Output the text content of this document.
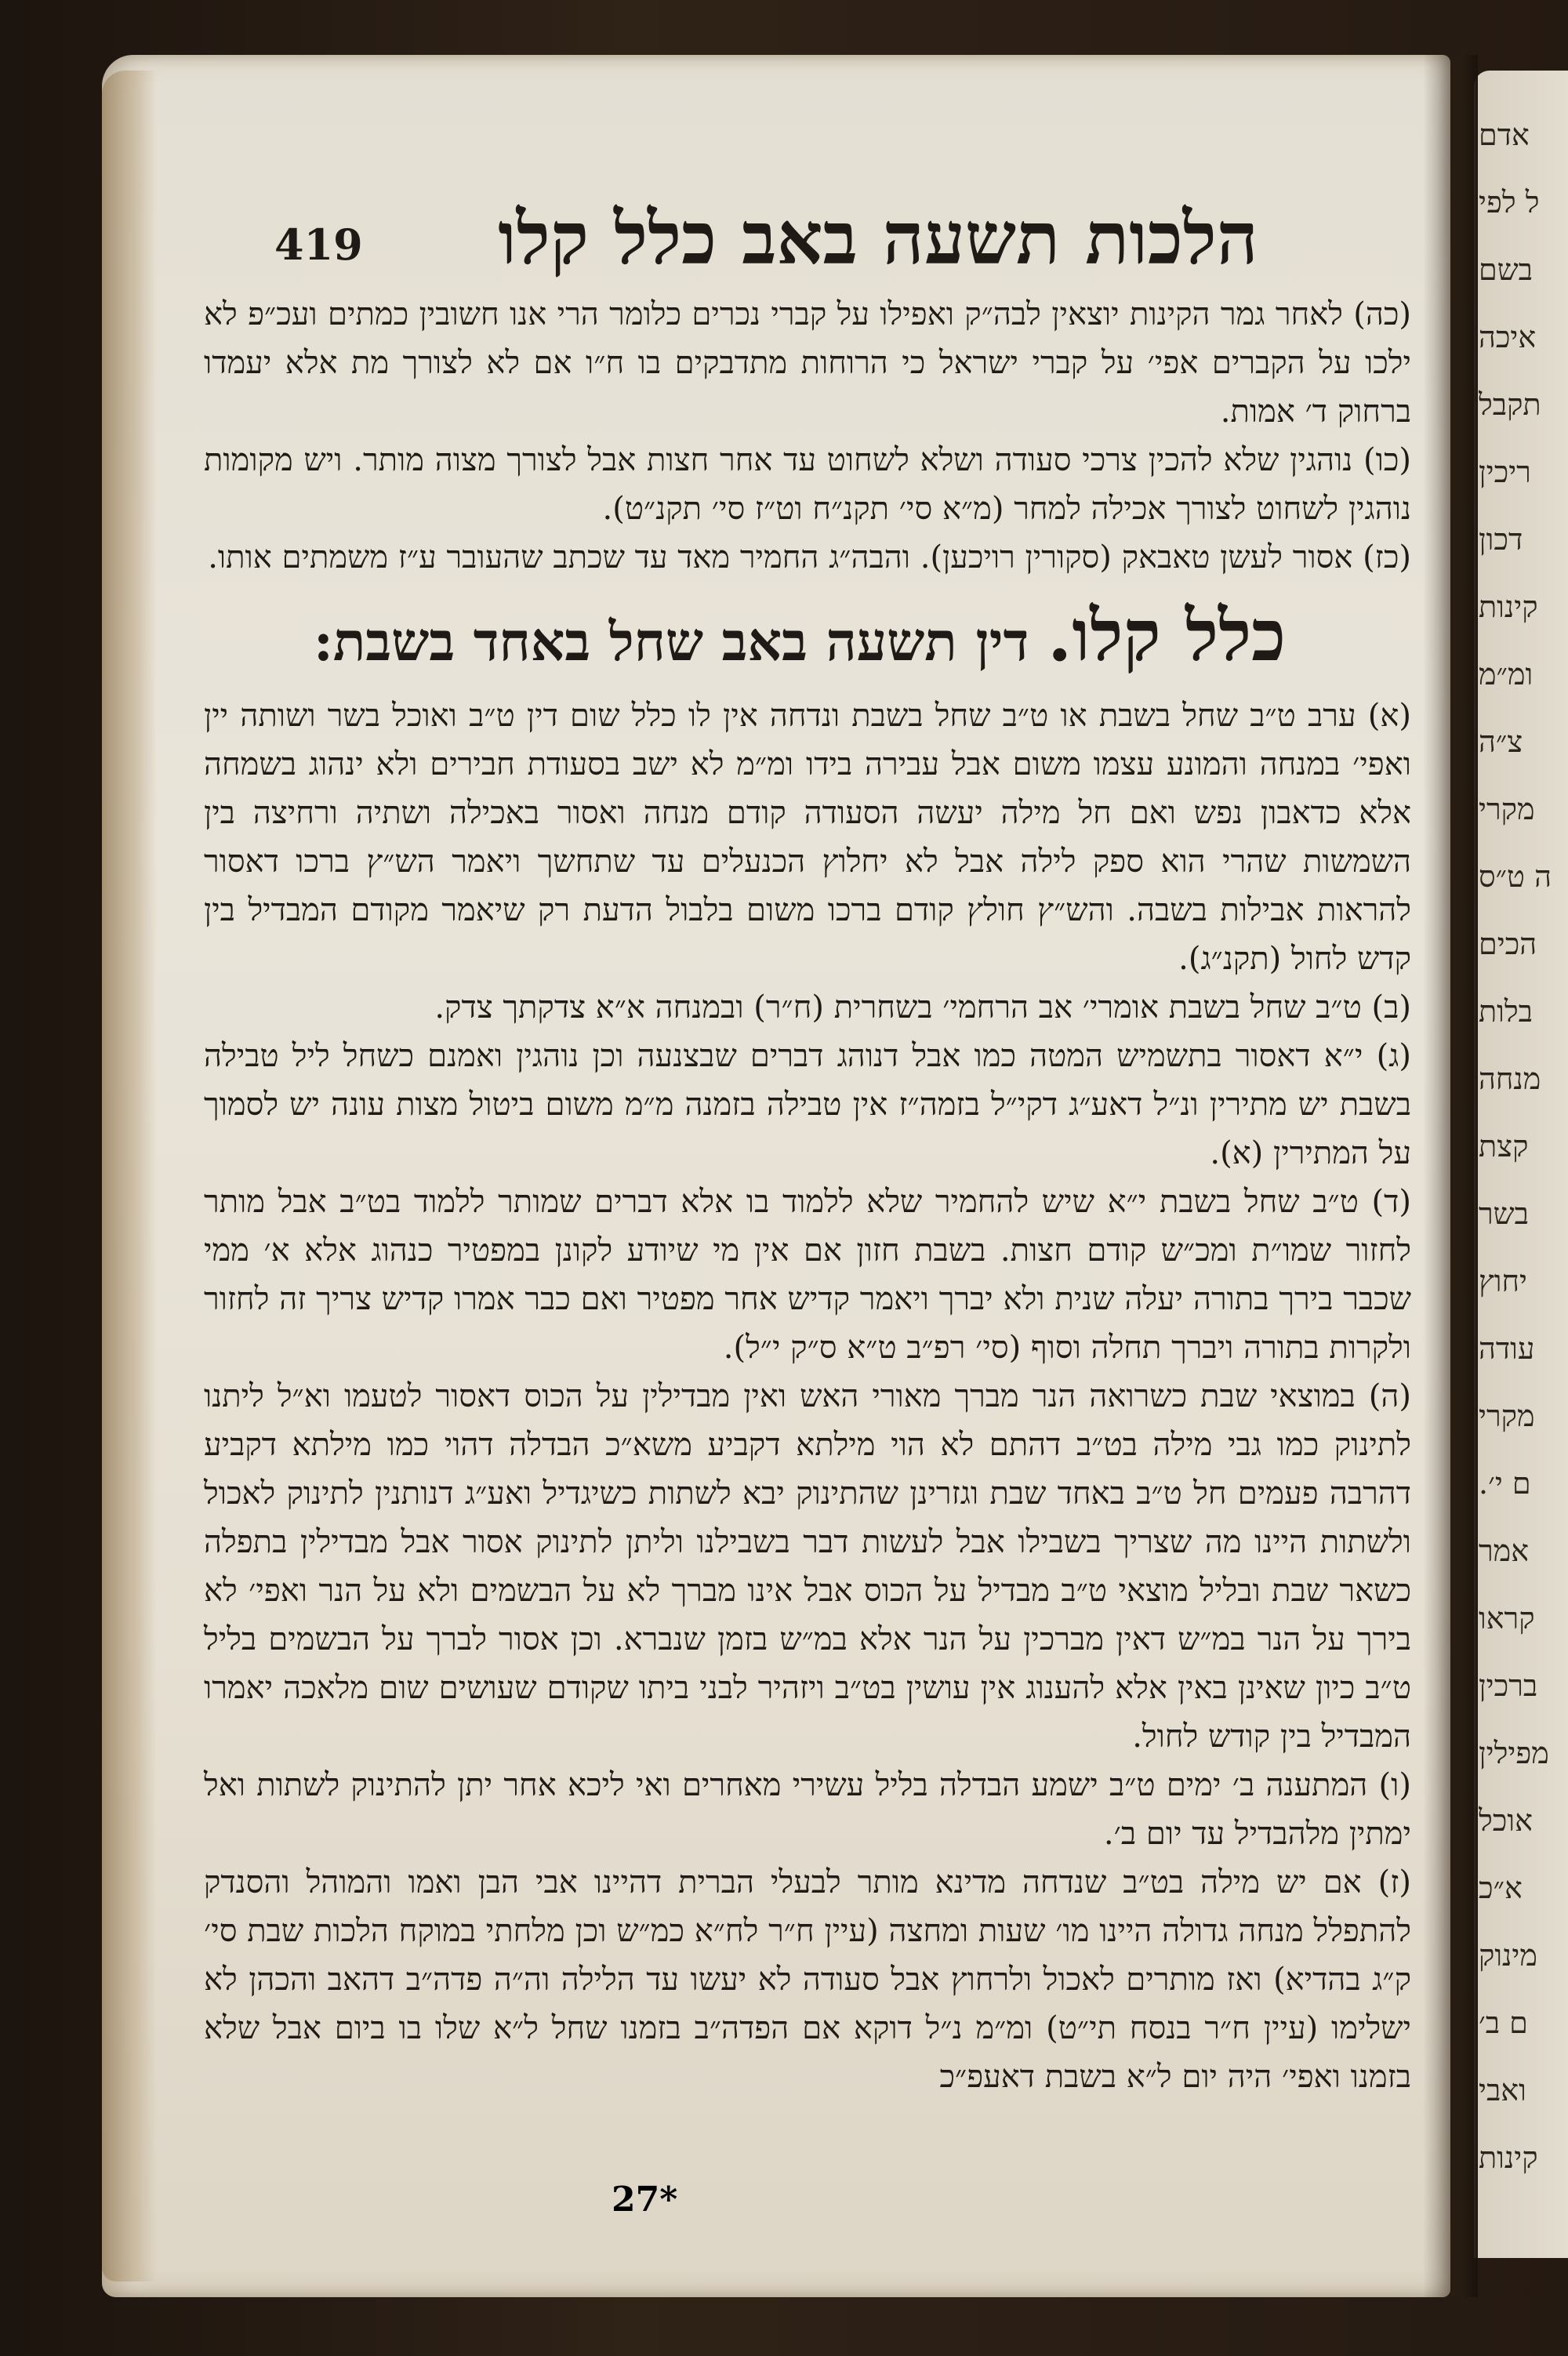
אדם
ל לפי
בשם
איכה
תקבל
ריכין
דכון
קינות
ומ״מ
צ״ה
מקרי
ה ט״ס
הכים
בלות
מנחה
קצת
בשר
יחוץ
עודה
מקרי
ם י׳.
אמר
קראו
ברכין
מפילין
אוכל
א״כ
מינוק
ם ב׳
ואבי
קינות
419 הלכות תשעה באב כלל קלו

(כה) לאחר גמר הקינות יוצאין לבה״ק ואפילו על קברי נכרים כלומר הרי אנו חשובין כמתים ועכ״פ לא ילכו על הקברים אפי׳ על קברי ישראל כי הרוחות מתדבקים בו ח״ו אם לא לצורך מת אלא יעמדו ברחוק ד׳ אמות.

(כו) נוהגין שלא להכין צרכי סעודה ושלא לשחוט עד אחר חצות אבל לצורך מצוה מותר. ויש מקומות נוהגין לשחוט לצורך אכילה למחר (מ״א סי׳ תקנ״ח וט״ז סי׳ תקנ״ט).

(כז) אסור לעשן טאבאק (סקורין רויכען). והבה״ג החמיר מאד עד שכתב שהעובר ע״ז משמתים אותו.

כלל קלו. דין תשעה באב שחל באחד בשבת:

(א) ערב ט״ב שחל בשבת או ט״ב שחל בשבת ונדחה אין לו כלל שום דין ט״ב ואוכל בשר ושותה יין ואפי׳ במנחה והמונע עצמו משום אבל עבירה בידו ומ״מ לא ישב בסעודת חבירים ולא ינהוג בשמחה אלא כדאבון נפש ואם חל מילה יעשה הסעודה קודם מנחה ואסור באכילה ושתיה ורחיצה בין השמשות שהרי הוא ספק לילה אבל לא יחלוץ הכנעלים עד שתחשך ויאמר הש״ץ ברכו דאסור להראות אבילות בשבה. והש״ץ חולץ קודם ברכו משום בלבול הדעת רק שיאמר מקודם המבדיל בין קדש לחול (תקנ״ג).

(ב) ט״ב שחל בשבת אומרי׳ אב הרחמי׳ בשחרית (ח״ר) ובמנחה א״א צדקתך צדק.

(ג) י״א דאסור בתשמיש המטה כמו אבל דנוהג דברים שבצנעה וכן נוהגין ואמנם כשחל ליל טבילה בשבת יש מתירין ונ״ל דאע״ג דקי״ל בזמה״ז אין טבילה בזמנה מ״מ משום ביטול מצות עונה יש לסמוך על המתירין (א).

(ד) ט״ב שחל בשבת י״א שיש להחמיר שלא ללמוד בו אלא דברים שמותר ללמוד בט״ב אבל מותר לחזור שמו״ת ומכ״ש קודם חצות. בשבת חזון אם אין מי שיודע לקונן במפטיר כנהוג אלא א׳ ממי שכבר בירך בתורה יעלה שנית ולא יברך ויאמר קדיש אחר מפטיר ואם כבר אמרו קדיש צריך זה לחזור ולקרות בתורה ויברך תחלה וסוף (סי׳ רפ״ב ט״א ס״ק י״ל).

(ה) במוצאי שבת כשרואה הנר מברך מאורי האש ואין מבדילין על הכוס דאסור לטעמו וא״ל ליתנו לתינוק כמו גבי מילה בט״ב דהתם לא הוי מילתא דקביע משא״כ הבדלה דהוי כמו מילתא דקביע דהרבה פעמים חל ט״ב באחד שבת וגזרינן שהתינוק יבא לשתות כשיגדיל ואע״ג דנותנין לתינוק לאכול ולשתות היינו מה שצריך בשבילו אבל לעשות דבר בשבילנו וליתן לתינוק אסור אבל מבדילין בתפלה כשאר שבת ובליל מוצאי ט״ב מבדיל על הכוס אבל אינו מברך לא על הבשמים ולא על הנר ואפי׳ לא בירך על הנר במ״ש דאין מברכין על הנר אלא במ״ש בזמן שנברא. וכן אסור לברך על הבשמים בליל ט״ב כיון שאינן באין אלא להענוג אין עושין בט״ב ויזהיר לבני ביתו שקודם שעושים שום מלאכה יאמרו המבדיל בין קודש לחול.

(ו) המתענה ב׳ ימים ט״ב ישמע הבדלה בליל עשירי מאחרים ואי ליכא אחר יתן להתינוק לשתות ואל ימתין מלהבדיל עד יום ב׳.

(ז) אם יש מילה בט״ב שנדחה מדינא מותר לבעלי הברית דהיינו אבי הבן ואמו והמוהל והסנדק להתפלל מנחה גדולה היינו מו׳ שעות ומחצה (עיין ח״ר לח״א כמ״ש וכן מלחתי במוקח הלכות שבת סי׳ ק״ג בהדיא) ואז מותרים לאכול ולרחוץ אבל סעודה לא יעשו עד הלילה וה״ה פדה״ב דהאב והכהן לא ישלימו (עיין ח״ר בנסח תי״ט) ומ״מ נ״ל דוקא אם הפדה״ב בזמנו שחל ל״א שלו בו ביום אבל שלא בזמנו ואפי׳ היה יום ל״א בשבת דאעפ״כ

27*
